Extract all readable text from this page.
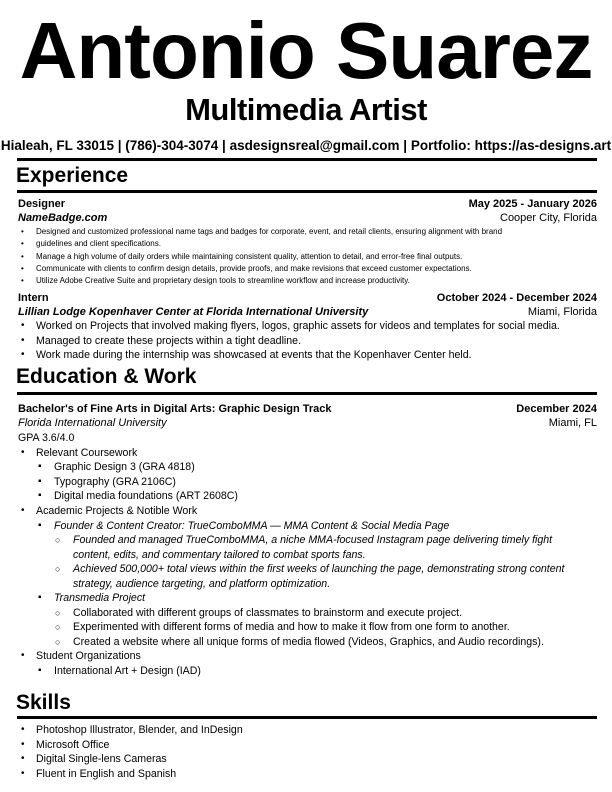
Antonio Suarez
Multimedia Artist
Hialeah, FL 33015 | (786)-304-3074 | asdesignsreal@gmail.com | Portfolio: https://as-designs.art
Experience
Designer	May 2025 - January 2026
NameBadge.com	Cooper City, Florida
• Designed and customized professional name tags and badges for corporate, event, and retail clients, ensuring alignment with brand
• guidelines and client specifications.
• Manage a high volume of daily orders while maintaining consistent quality, attention to detail, and error-free final outputs.
• Communicate with clients to confirm design details, provide proofs, and make revisions that exceed customer expectations.
• Utilize Adobe Creative Suite and proprietary design tools to streamline workflow and increase productivity.
Intern	October 2024 - December 2024
Lillian Lodge Kopenhaver Center at Florida International University	Miami, Florida
• Worked on Projects that involved making flyers, logos, graphic assets for videos and templates for social media.
• Managed to create these projects within a tight deadline.
• Work made during the internship was showcased at events that the Kopenhaver Center held.
Education & Work
Bachelor's of Fine Arts in Digital Arts: Graphic Design Track	December 2024
Florida International University	Miami, FL
GPA 3.6/4.0
• Relevant Coursework
▪ Graphic Design 3 (GRA 4818)
▪ Typography (GRA 2106C)
▪ Digital media foundations (ART 2608C)
• Academic Projects & Notible Work
▪ Founder & Content Creator: TrueComboMMA — MMA Content & Social Media Page
○ Founded and managed TrueComboMMA, a niche MMA-focused Instagram page delivering timely fight
content, edits, and commentary tailored to combat sports fans.
○ Achieved 500,000+ total views within the first weeks of launching the page, demonstrating strong content
strategy, audience targeting, and platform optimization.
▪ Transmedia Project
○ Collaborated with different groups of classmates to brainstorm and execute project.
○ Experimented with different forms of media and how to make it flow from one form to another.
○ Created a website where all unique forms of media flowed (Videos, Graphics, and Audio recordings).
• Student Organizations
▪ International Art + Design (IAD)
Skills
• Photoshop Illustrator, Blender, and InDesign
• Microsoft Office
• Digital Single-lens Cameras
• Fluent in English and Spanish
